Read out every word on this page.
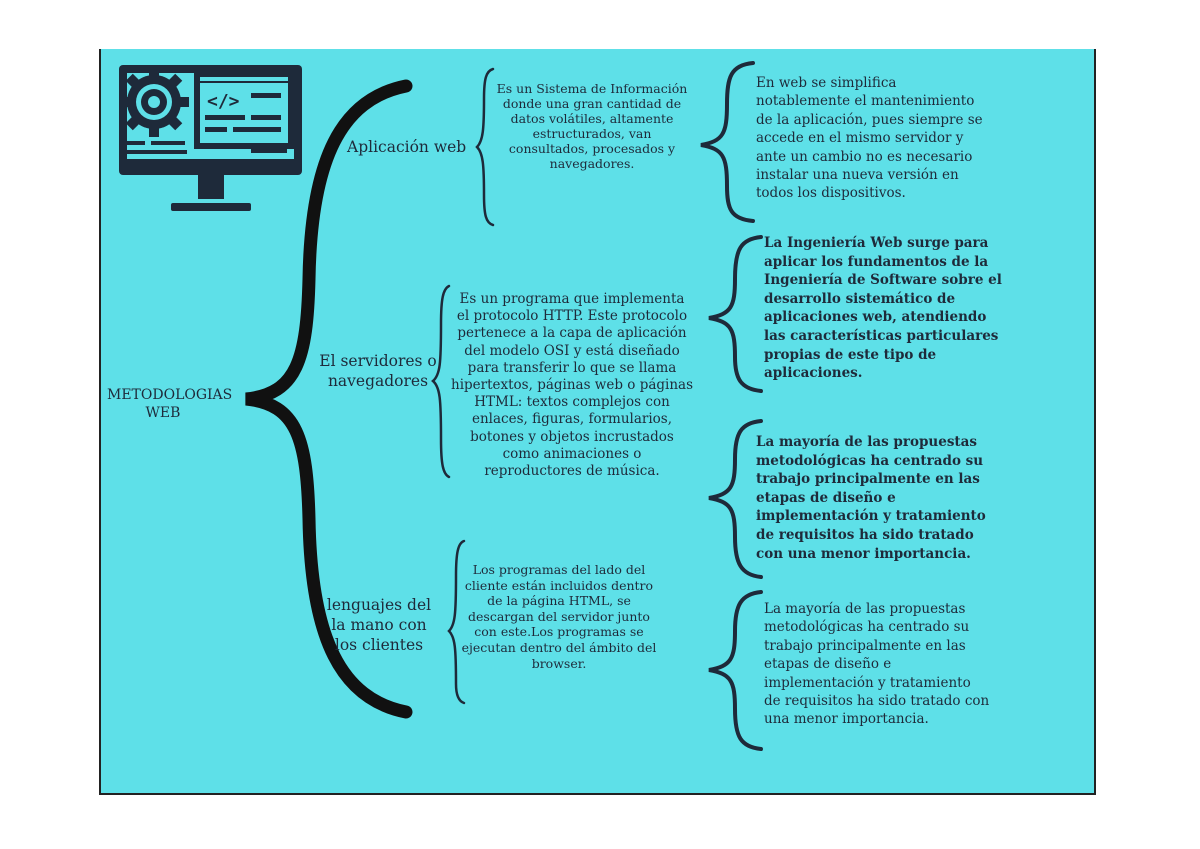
</>

METODOLOGIAS

WEB

Aplicación web

El servidores o

navegadores

lenguajes del

la mano con

los clientes

Es un Sistema de Información

donde una gran cantidad de

datos volátiles, altamente

estructurados, van

consultados, procesados y

navegadores.

Es un programa que implementa

el protocolo HTTP. Este protocolo

pertenece a la capa de aplicación

del modelo OSI y está diseñado

para transferir lo que se llama

hipertextos, páginas web o páginas

HTML: textos complejos con

enlaces, figuras, formularios,

botones y objetos incrustados

como animaciones o

reproductores de música.

Los programas del lado del

cliente están incluidos dentro

de la página HTML, se

descargan del servidor junto

con este.Los programas se

ejecutan dentro del ámbito del

browser.

En web se simplifica

notablemente el mantenimiento

de la aplicación, pues siempre se

accede en el mismo servidor y

ante un cambio no es necesario

instalar una nueva versión en

todos los dispositivos.

La Ingeniería Web surge para

aplicar los fundamentos de la

Ingeniería de Software sobre el

desarrollo sistemático de

aplicaciones web, atendiendo

las características particulares

propias de este tipo de

aplicaciones.

La mayoría de las propuestas

metodológicas ha centrado su

trabajo principalmente en las

etapas de diseño e

implementación y tratamiento

de requisitos ha sido tratado

con una menor importancia.

La mayoría de las propuestas

metodológicas ha centrado su

trabajo principalmente en las

etapas de diseño e

implementación y tratamiento

de requisitos ha sido tratado con

una menor importancia.
